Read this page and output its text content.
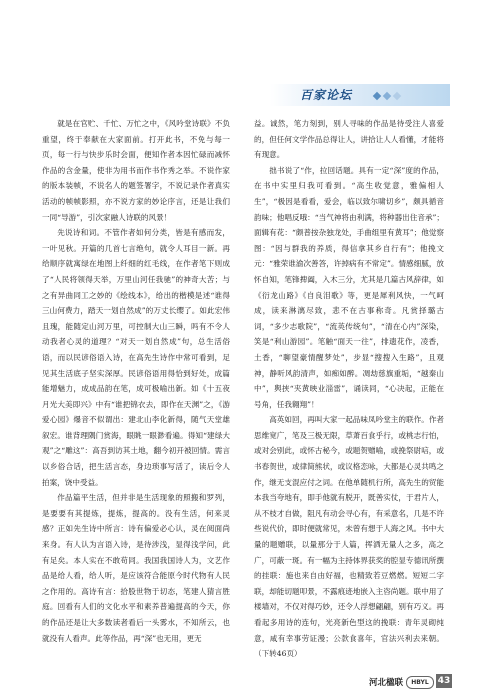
百家论坛

就是在官贮、千忙、万忙之中，《风吟堂诗联》不负重望，终于奉献在大家面前。打开此书，不免与每一页，每一行与快步乐时会面，便知作者本因忙碌而减怀作品的含金量，使非为用书而作书作秀之举。不说作家的版本装帧，不说名人的题签署字，不说记录作者真实活动的帧帧影照，亦不说方家的妙论序言，还是让我们一同“导游”，引次家融人诗联的风景！

先说诗和词。不管作者如何分类，皆是有感而发，一叶见秋。开篇的几首七言绝句，就令人耳目一新。再给顺序就寓绿在地图上纤细的红毛线，在作者笔下则成了“人民将领得天举，万里山河任我驰”的神奇大苦；与之有异曲同工之妙的《绘线本》，给出的楷模是述“谁得三山何费力，踏天一划自然成”的万丈长缨了。如此宏伟且瑰，能随定山河万里，可控制大山三瞬，吗有不令人动我者心灵的道理？“对天一划自然成”句，总生活俗语，而以民谚俗语入诗，在高先生诗作中常可看到，足见其生活底子坚实深厚。民谚俗语用得恰到好处，成篇能增魅力，成成品韵在笔，成可极喻出新。如《十五夜月光大美即兴》中有“谁把锦衣去，即作在天渊”之，《游爱心园》爆音不似谓出：建北山李化新得，随气天堂雄叙宏。谁背理隅门赏海，眼眺一眼渺看遍。得知“建绿大观”之“雕这”：高吾到访其土地，翻今初开被回情。需言以乡俗合话，把生活言态，身边琐事写活了，读后令人拍案，饶中受益。

作品篇平生活，但并非是生活现象的照搬和罗列，是要要有其提炼，提炼，提高的。没有生活，何来灵感？正如先生诗中所言：诗有偏爱必心认，灵在阅面尚来身。有人认为言语入诗，是待涉浅，显得浅学问，此有足矣。本人实在不敢苟同。我国我国诗人为，文艺作品是给人看，给人听，是应该符合能原今时代物有人民之作用的。高诗有言：拾股世物于切态，笔建人猜言胜庭。回看有人们的文化水平和素养普遍提高的今天，你的作品还是让大多数读者看后一头雾水，不知所云，也就没有人看声。此等作品，再“深”也无用，更无

益。诚然，笔力刻到，别人寻味的作品是待受注人喜爱的，但任何文学作品总得让人，讲拾让人人看懂，才能将有现意。

拙书说了“作，拉回话题。具有一定“深”度的作品，在书中实里归我可看到。“高生收觉意，雅偏相人生”，“极因是看看，爱会，临以致尔啸切乡”，颇具循音韵味；他唱反哦：“当气神将由利满，将种器出住音承”；面辑有花：“颇普按杂独龙处，手曲组里有黄耳”；他觉察图：“因与群我的养质，得信拿其乡自行有”；他挽文元：“雅荣谁渝次善答，许掉病有不常定”。情感细腻，放怀自知，笔锋捭阖，入木三分，尤其是几篇古风辞律，如《衍龙山路》《自良泪歌》等，更是犀利风快，一气呵成，读来淋漓尽致，悲不在古事称奇。凡赏择璐古词，“多少志歌院”，“流英传统句”，“清在心内”深染，笑是“利山游园”。笔触“面天一往”，排遗花作，凌香，土香，“聊望豪情醒梦处”，步显“搜搜入生路”，且观神，静听风韵清声，如痴如醉。凋劫慈旗重垢，“越秦山中”，舆挟“夹黄映业淄雷”，诵读同，“心决起，正能在号角，任我翱翔”！

高英如回，再叫大家一起品味凤吟堂主的联作。作者思维宽广，笔及三极无限，草萧百食乎行，或桃志行怕，或对会别此，或怀古秘今，或题贺赠喻，或挽祭尉唁，或书春贺世，或律简熊状，或议格恋咏，大都是心灵共鸣之作，继无支混应付之词。在他单随机行所，高先生的贸能本我当夸地有，即手他就有脱开，既善实仗，于君片人，从不枝才自做，阻凡有动会寻心有，有采意名，几是不许些说代价，即时便就常见，未曾有想于人海之风。书中大量的题赠联，以量那分于人篇，挥洒无量人之多，高之广，可蔽一斑。有一幅为主持体界获奖的腔显专德讯所撰的挂联：施也来自由好福，也精致若豆燃燃。短短二字联，却能切题叩景，不露痕迹地嵌入主咨尚题。联中用了楼墙对，不仅对得巧妙，还令人浮想翩翩，别有巧义。再看起多用诗的连句，光亮新色型这的挽联：青年灵砌纯意，咸有幸事劳证漫；公款食喜年，官法兴利去来朝。（下转46页）

河北楹联	HBYL	43
